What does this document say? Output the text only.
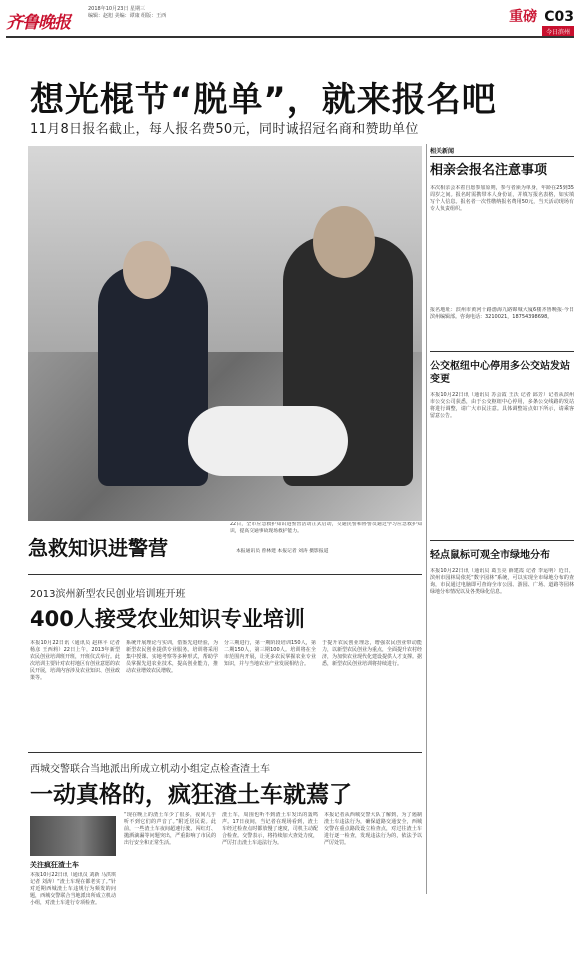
齐鲁晚报
2018年10月23日 星期三
编辑：赵旭 美编：谭康 组版：王西	重磅 C03
今日滨州
想光棍节“脱单”，就来报名吧
11月8日报名截止，每人报名费50元，同时诚招冠名商和赞助单位
22日，全市应急救护知识进警营活动正式启动，交通民警和协警员通过学习应急救护知识，提高交通事故现场救护能力。
本报通讯员 曾林建 本报记者 刘涛 摄影报道
急救知识进警营
相关新闻
相亲会报名注意事项
本次相亲会本着自愿参加原则，参与者须为单身，年龄在25到35周岁之间。报名时需携带本人身份证，并填写报名表格，如实填写个人信息。报名者一次性缴纳报名费用50元，当天活动现场有专人负责组织。
报名地址：滨州市黄河十路渤海九路锦城大厦6楼齐鲁晚报·今日滨州编辑部。咨询电话：3210021，18754398698。
公交枢纽中心停用多公交站发站变更
本报10月22日讯（通讯员 苏会霞 王沃 记者 邱芳）记者从滨州市公交公司获悉，由于公交枢纽中心停用，多条公交线路的发站将进行调整，请广大市民注意。具体调整站点如下所示，请乘客留意公告。
轻点鼠标可观全市绿地分布
本报10月22日讯（通讯员 葛玉亮 薛建霞 记者 李运明）近日，滨州市园林局依托“数字园林”系统，可以实现全市绿地分布的查询，市民通过电脑即可查询全市公园、游园、广场、道路等园林绿地分布情况以及各类绿化信息。
2013滨州新型农民创业培训班开班
400人接受农业知识专业培训
本报10月22日讯（通讯员 赵林平 记者 杨彦 王西莉）22日上午，2013年新型农民创业培训班开班，开班仪式举行。此次培训主要针对农村地区有创业意愿的农民开展，培训内容涉及农业知识、创业政策等。
系统开展理论与实训，借鉴先进经验，为新型农民创业提供专业服务。培训将采用集中授课、实地考察等多种形式，帮助学员掌握先进农业技术，提高创业能力，推动农业增效农民增收。
分三期进行，第一期阶段培训150人，第二期150人，第三期100人。培训将在全市范围内开展，让更多农民掌握农业专业知识，并与当地农业产业发展相结合。
于提升农民创业理念，增强农民创业带动能力，以新型农民创业为重点，全面提升农村经济，为加快农业现代化建设提供人才支撑。据悉，新型农民创业培训将持续进行。
西城交警联合当地派出所成立机动小组定点检查渣土车
一动真格的，疯狂渣土车就蔫了
关注疯狂渣土车
本报10月22日讯（通讯员 刘新 马洪琪 记者 刘涛）“渣土车现在都老实了。”针对近期西城渣土车违规行为频发的问题，西城交警联合当地派出所成立机动小组，对渣土车进行专项检查。
“现在晚上的渣土车少了很多，夜间几乎听不到它们的声音了。”附近居民说。此前，一些渣土车夜间超速行驶、闯红灯、抛洒滴漏等问题突出，严重影响了市民的出行安全和正常生活。
渣土车，周围也听不到渣土车发出的轰鸣声。17日夜间，当记者在现场看到，渣土车经过检查点时都放慢了速度，司机主动配合检查。交警表示，将持续加大查处力度，严厉打击渣土车违法行为。
本报记者从西城交警大队了解到，为了遏制渣土车违法行为，确保道路交通安全，西城交警在重点路段设立检查点，对过往渣土车进行逐一检查，发现违法行为的，依法予以严厉处罚。
